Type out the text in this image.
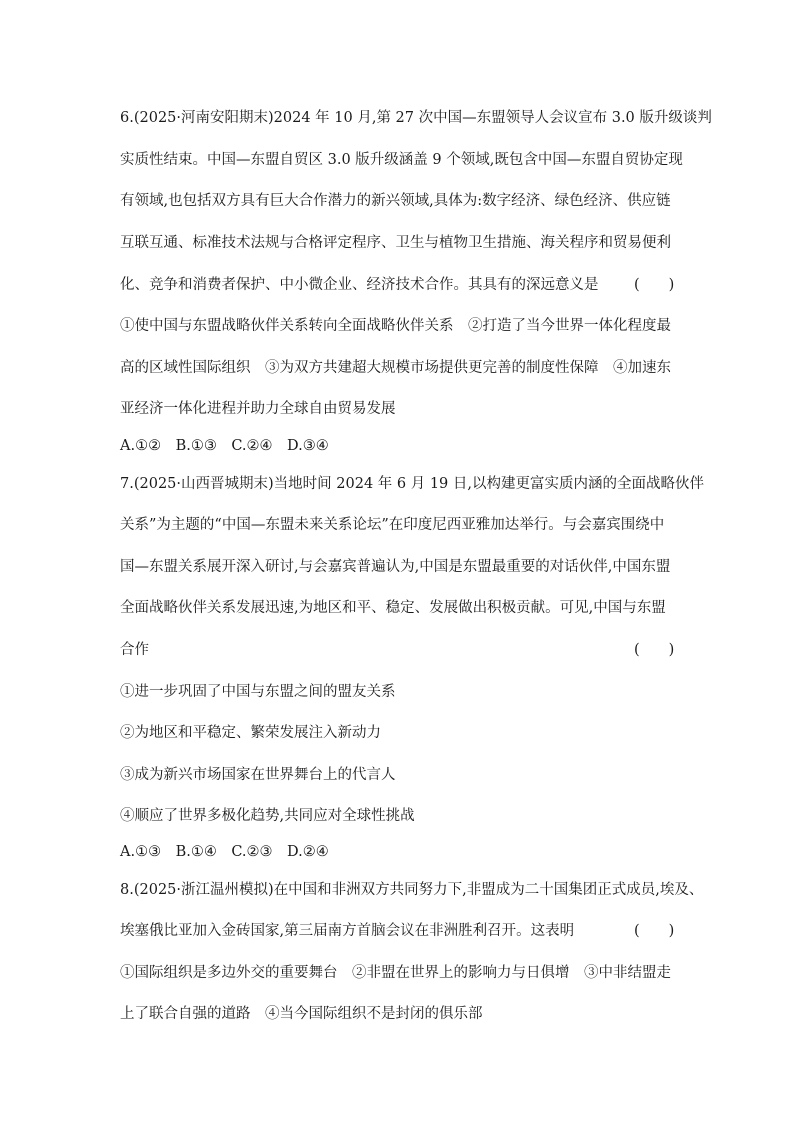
6.(2025·河南安阳期末)2024 年 10 月,第 27 次中国—东盟领导人会议宣布 3.0 版升级谈判
实质性结束。中国—东盟自贸区 3.0 版升级涵盖 9 个领域,既包含中国—东盟自贸协定现
有领域,也包括双方具有巨大合作潜力的新兴领域,具体为:数字经济、绿色经济、供应链
互联互通、标准技术法规与合格评定程序、卫生与植物卫生措施、海关程序和贸易便利
化、竞争和消费者保护、中小微企业、经济技术合作。其具有的深远意义是 (　　)
①使中国与东盟战略伙伴关系转向全面战略伙伴关系　②打造了当今世界一体化程度最
高的区域性国际组织　③为双方共建超大规模市场提供更完善的制度性保障　④加速东
亚经济一体化进程并助力全球自由贸易发展
A.①②　B.①③　C.②④　D.③④
7.(2025·山西晋城期末)当地时间 2024 年 6 月 19 日,以构建更富实质内涵的全面战略伙伴
关系”为主题的“中国—东盟未来关系论坛”在印度尼西亚雅加达举行。与会嘉宾围绕中
国—东盟关系展开深入研讨,与会嘉宾普遍认为,中国是东盟最重要的对话伙伴,中国东盟
全面战略伙伴关系发展迅速,为地区和平、稳定、发展做出积极贡献。可见,中国与东盟
合作	(　　)
①进一步巩固了中国与东盟之间的盟友关系
②为地区和平稳定、繁荣发展注入新动力
③成为新兴市场国家在世界舞台上的代言人
④顺应了世界多极化趋势,共同应对全球性挑战
A.①③　B.①④　C.②③　D.②④
8.(2025·浙江温州模拟)在中国和非洲双方共同努力下,非盟成为二十国集团正式成员,埃及、
埃塞俄比亚加入金砖国家,第三届南方首脑会议在非洲胜利召开。这表明	(　　)
①国际组织是多边外交的重要舞台　②非盟在世界上的影响力与日俱增　③中非结盟走
上了联合自强的道路　④当今国际组织不是封闭的俱乐部
